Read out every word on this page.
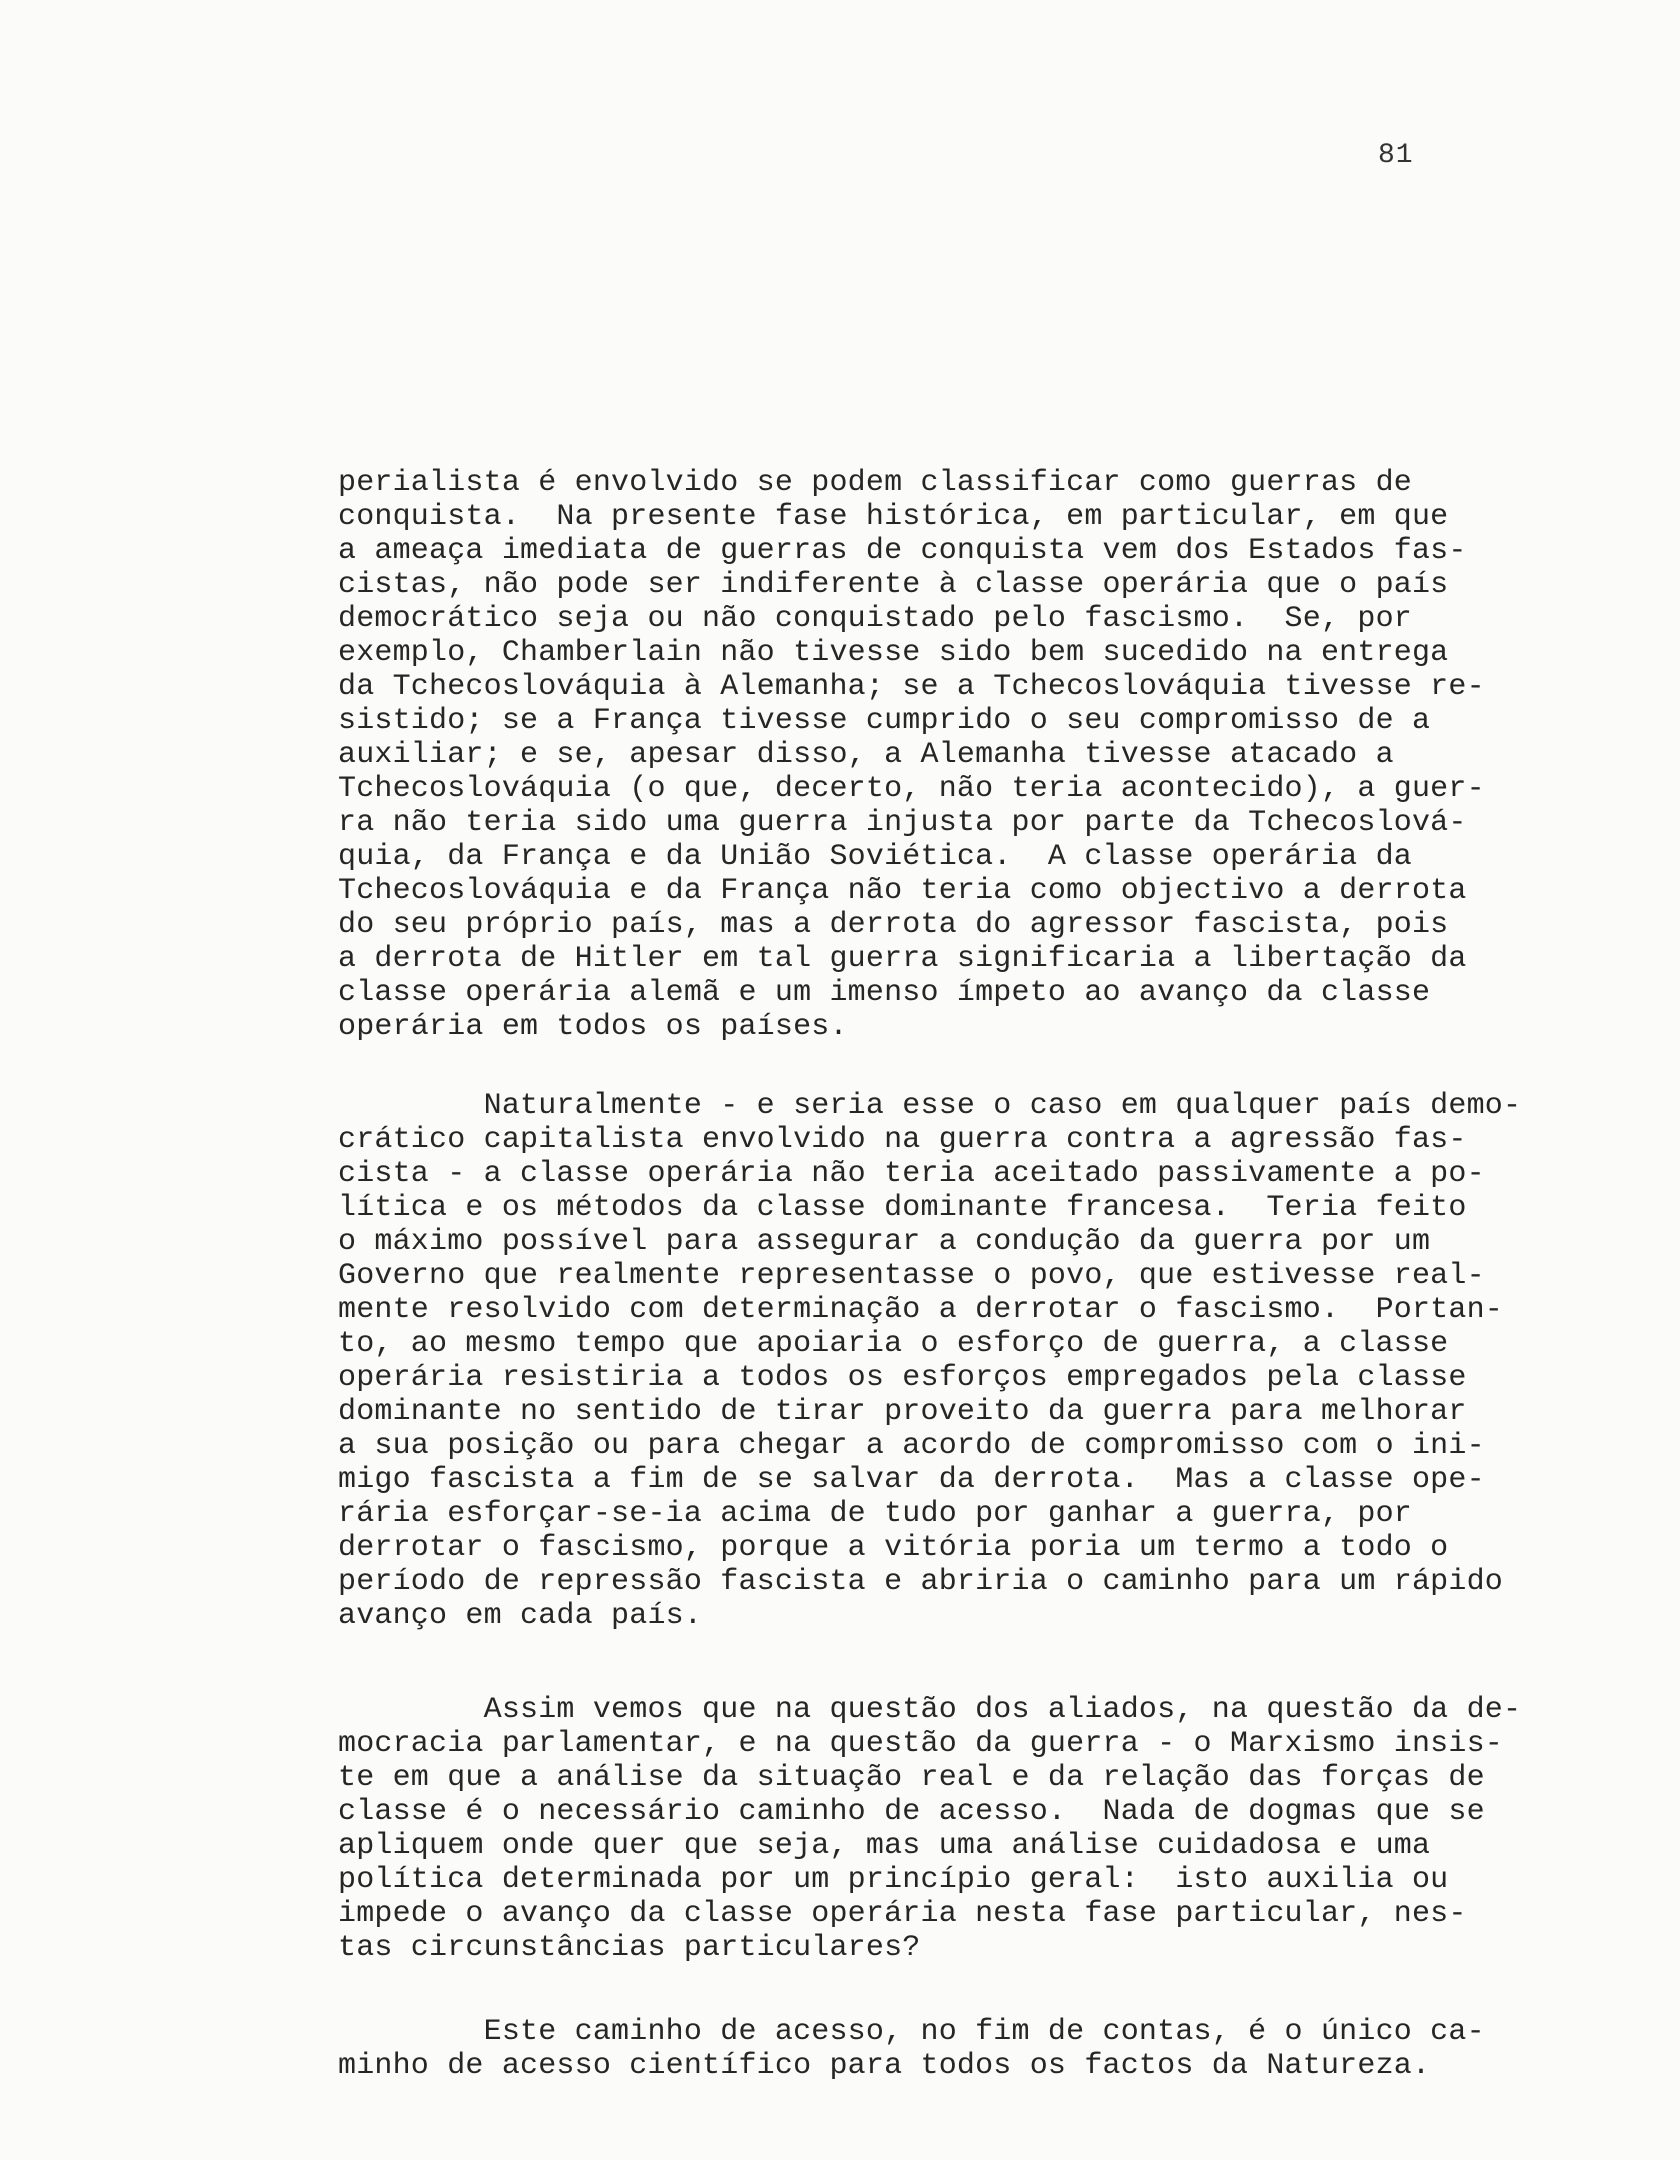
81
perialista é envolvido se podem classificar como guerras de
conquista.  Na presente fase histórica, em particular, em que
a ameaça imediata de guerras de conquista vem dos Estados fas-
cistas, não pode ser indiferente à classe operária que o país
democrático seja ou não conquistado pelo fascismo.  Se, por
exemplo, Chamberlain não tivesse sido bem sucedido na entrega
da Tchecoslováquia à Alemanha; se a Tchecoslováquia tivesse re-
sistido; se a França tivesse cumprido o seu compromisso de a
auxiliar; e se, apesar disso, a Alemanha tivesse atacado a
Tchecoslováquia (o que, decerto, não teria acontecido), a guer-
ra não teria sido uma guerra injusta por parte da Tchecoslová-
quia, da França e da União Soviética.  A classe operária da
Tchecoslováquia e da França não teria como objectivo a derrota
do seu próprio país, mas a derrota do agressor fascista, pois
a derrota de Hitler em tal guerra significaria a libertação da
classe operária alemã e um imenso ímpeto ao avanço da classe
operária em todos os países.
Naturalmente - e seria esse o caso em qualquer país demo-
crático capitalista envolvido na guerra contra a agressão fas-
cista - a classe operária não teria aceitado passivamente a po-
lítica e os métodos da classe dominante francesa.  Teria feito
o máximo possível para assegurar a condução da guerra por um
Governo que realmente representasse o povo, que estivesse real-
mente resolvido com determinação a derrotar o fascismo.  Portan-
to, ao mesmo tempo que apoiaria o esforço de guerra, a classe
operária resistiria a todos os esforços empregados pela classe
dominante no sentido de tirar proveito da guerra para melhorar
a sua posição ou para chegar a acordo de compromisso com o ini-
migo fascista a fim de se salvar da derrota.  Mas a classe ope-
rária esforçar-se-ia acima de tudo por ganhar a guerra, por
derrotar o fascismo, porque a vitória poria um termo a todo o
período de repressão fascista e abriria o caminho para um rápido
avanço em cada país.
Assim vemos que na questão dos aliados, na questão da de-
mocracia parlamentar, e na questão da guerra - o Marxismo insis-
te em que a análise da situação real e da relação das forças de
classe é o necessário caminho de acesso.  Nada de dogmas que se
apliquem onde quer que seja, mas uma análise cuidadosa e uma
política determinada por um princípio geral:  isto auxilia ou
impede o avanço da classe operária nesta fase particular, nes-
tas circunstâncias particulares?
Este caminho de acesso, no fim de contas, é o único ca-
minho de acesso científico para todos os factos da Natureza.
